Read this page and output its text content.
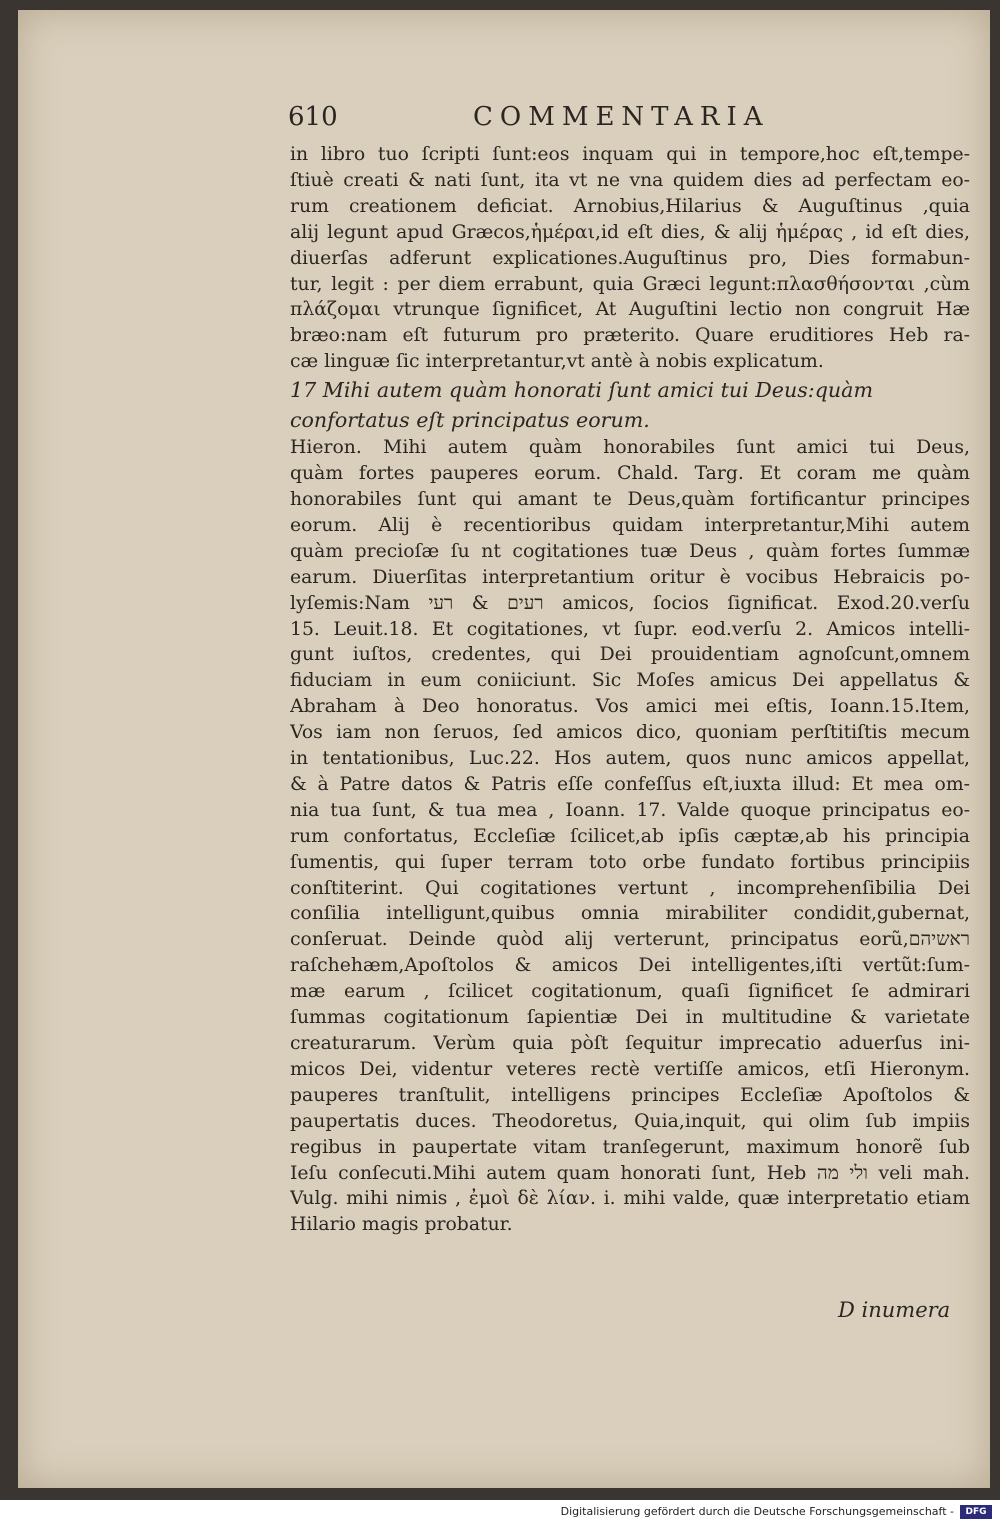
610	COMMENTARIA
in libro tuo ſcripti ſunt:eos inquam qui in tempore,hoc eſt,tempe-
ſtiuè creati & nati ſunt, ita vt ne vna quidem dies ad perfectam eo-
rum creationem deficiat. Arnobius,Hilarius & Auguſtinus ,quia
alij legunt apud Græcos,ἡμέραι,id eſt dies, & alij ἡμέρας , id eſt dies,
diuerſas adferunt explicationes.Auguſtinus pro, Dies formabun-
tur, legit : per diem errabunt, quia Græci legunt:πλασθήσονται ,cùm
πλάζομαι vtrunque ſignificet, At Auguſtini lectio non congruit Hæ
bræo:nam eſt futurum pro præterito. Quare eruditiores Heb ra-
cæ linguæ ſic interpretantur,vt antè à nobis explicatum.
17 Mihi autem quàm honorati ſunt amici tui Deus:quàm
confortatus eſt principatus eorum.
Hieron. Mihi autem quàm honorabiles ſunt amici tui Deus,
quàm fortes pauperes eorum. Chald. Targ. Et coram me quàm
honorabiles ſunt qui amant te Deus,quàm fortificantur principes
eorum. Alij è recentioribus quidam interpretantur,Mihi autem
quàm precioſæ ſu nt cogitationes tuæ Deus , quàm fortes ſummæ
earum. Diuerſitas interpretantium oritur è vocibus Hebraicis po-
lyſemis:Nam רעים & רעי amicos, ſocios ſignificat. Exod.20.verſu
15. Leuit.18. Et cogitationes, vt ſupr. eod.verſu 2. Amicos intelli-
gunt iuſtos, credentes, qui Dei prouidentiam agnoſcunt,omnem
fiduciam in eum coniiciunt. Sic Moſes amicus Dei appellatus &
Abraham à Deo honoratus. Vos amici mei eſtis, Ioann.15.Item,
Vos iam non ſeruos, ſed amicos dico, quoniam perſtitiſtis mecum
in tentationibus, Luc.22. Hos autem, quos nunc amicos appellat,
& à Patre datos & Patris eſſe confeſſus eſt,iuxta illud: Et mea om-
nia tua ſunt, & tua mea , Ioann. 17. Valde quoque principatus eo-
rum confortatus, Eccleſiæ ſcilicet,ab ipſis cæptæ,ab his principia
ſumentis, qui ſuper terram toto orbe fundato fortibus principiis
conſtiterint. Qui cogitationes vertunt , incomprehenſibilia Dei
conſilia intelligunt,quibus omnia mirabiliter condidit,gubernat,
conſeruat. Deinde quòd alij verterunt, principatus eorũ,ראשיהם
raſchehæm,Apoſtolos & amicos Dei intelligentes,iſti vertũt:ſum-
mæ earum , ſcilicet cogitationum, quaſi ſignificet ſe admirari
ſummas cogitationum ſapientiæ Dei in multitudine & varietate
creaturarum. Verùm quia pòſt ſequitur imprecatio aduerſus ini-
micos Dei, videntur veteres rectè vertiſſe amicos, etſi Hieronym.
pauperes tranſtulit, intelligens principes Eccleſiæ Apoſtolos &
paupertatis duces. Theodoretus, Quia,inquit, qui olim ſub impiis
regibus in paupertate vitam tranſegerunt, maximum honorẽ ſub
Ieſu conſecuti.Mihi autem quam honorati ſunt, Heb ולי מה veli mah.
Vulg. mihi nimis , ἐμοὶ δὲ λίαν. i. mihi valde, quæ interpretatio etiam
Hilario magis probatur.
D inumera
Digitalisierung gefördert durch die Deutsche Forschungsgemeinschaft -	DFG
